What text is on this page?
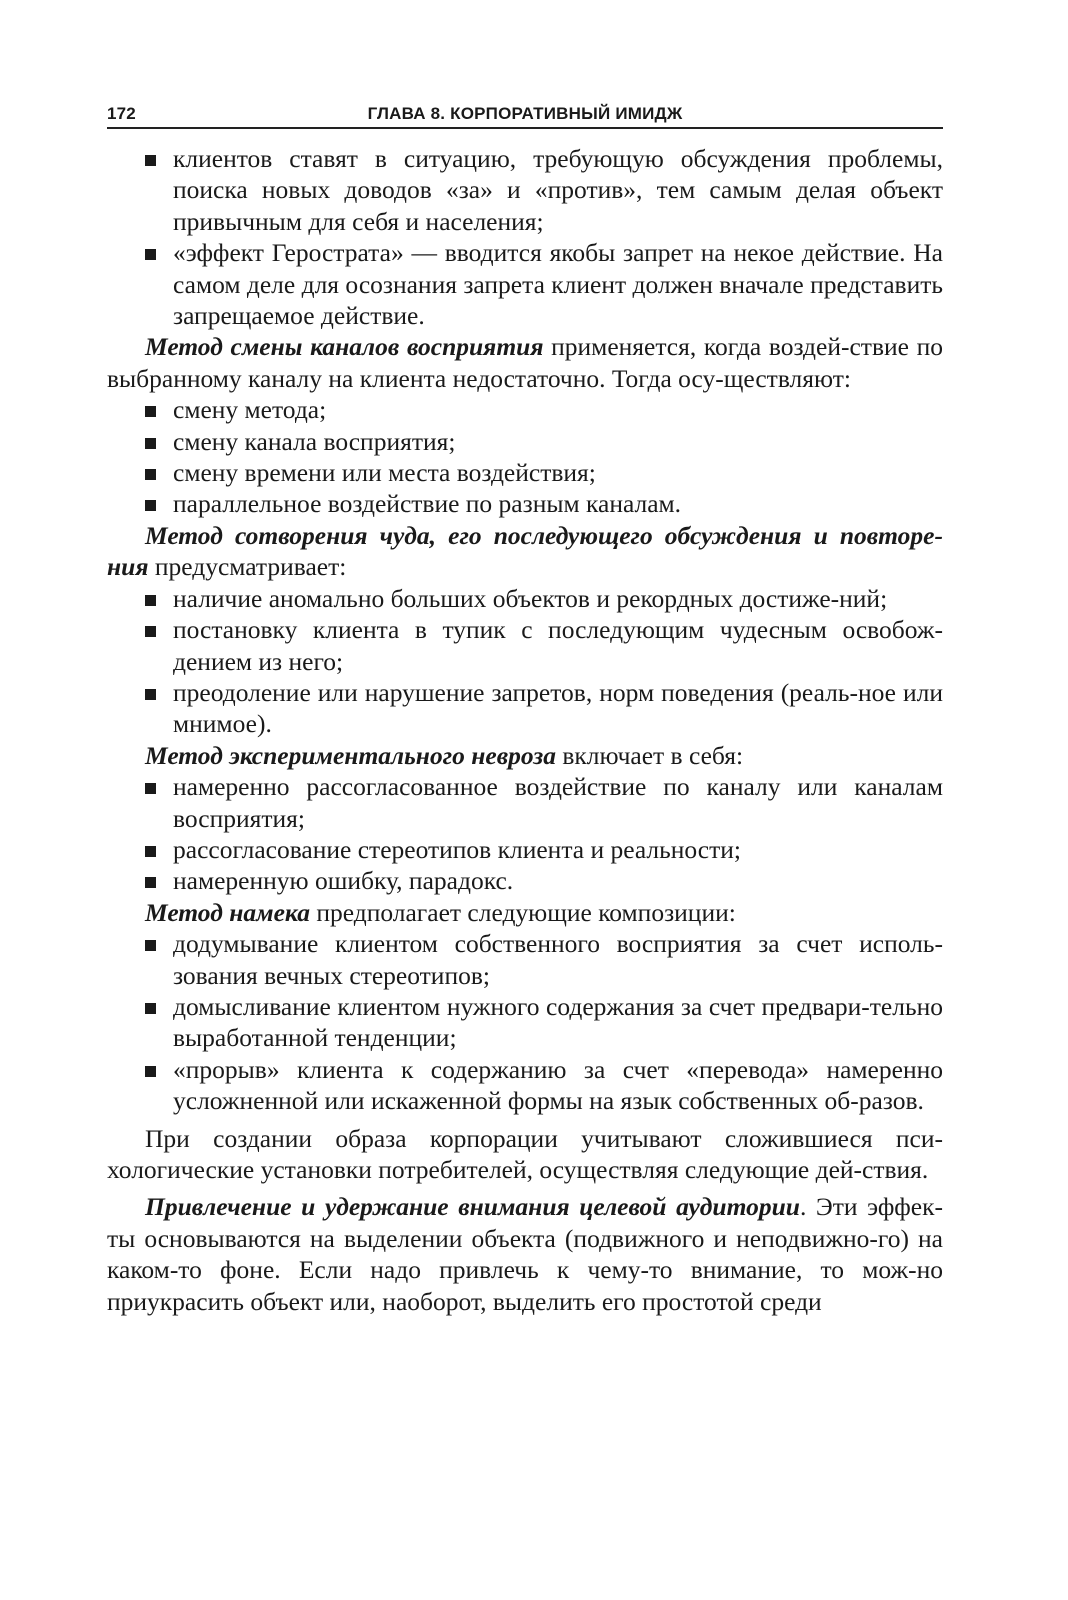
172	ГЛАВА 8. КОРПОРАТИВНЫЙ ИМИДЖ
клиентов ставят в ситуацию, требующую обсуждения проблемы, поиска новых доводов «за» и «против», тем самым делая объект привычным для себя и населения;
«эффект Герострата» — вводится якобы запрет на некое действие. На самом деле для осознания запрета клиент должен вначале представить запрещаемое действие.

Метод смены каналов восприятия применяется, когда воздей-ствие по выбранному каналу на клиента недостаточно. Тогда осу-ществляют:

смену метода;
смену канала восприятия;
смену времени или места воздействия;
параллельное воздействие по разным каналам.

Метод сотворения чуда, его последующего обсуждения и повторе-ния предусматривает:

наличие аномально больших объектов и рекордных достиже-ний;
постановку клиента в тупик с последующим чудесным освобож-дением из него;
преодоление или нарушение запретов, норм поведения (реаль-ное или мнимое).

Метод экспериментального невроза включает в себя:

намеренно рассогласованное воздействие по каналу или каналам восприятия;
рассогласование стереотипов клиента и реальности;
намеренную ошибку, парадокс.

Метод намека предполагает следующие композиции:

додумывание клиентом собственного восприятия за счет исполь-зования вечных стереотипов;
домысливание клиентом нужного содержания за счет предвари-тельно выработанной тенденции;
«прорыв» клиента к содержанию за счет «перевода» намеренно усложненной или искаженной формы на язык собственных об-разов.

При создании образа корпорации учитывают сложившиеся пси-хологические установки потребителей, осуществляя следующие дей-ствия.

Привлечение и удержание внимания целевой аудитории. Эти эффек-ты основываются на выделении объекта (подвижного и неподвижно-го) на каком-то фоне. Если надо привлечь к чему-то внимание, то мож-но приукрасить объект или, наоборот, выделить его простотой среди
